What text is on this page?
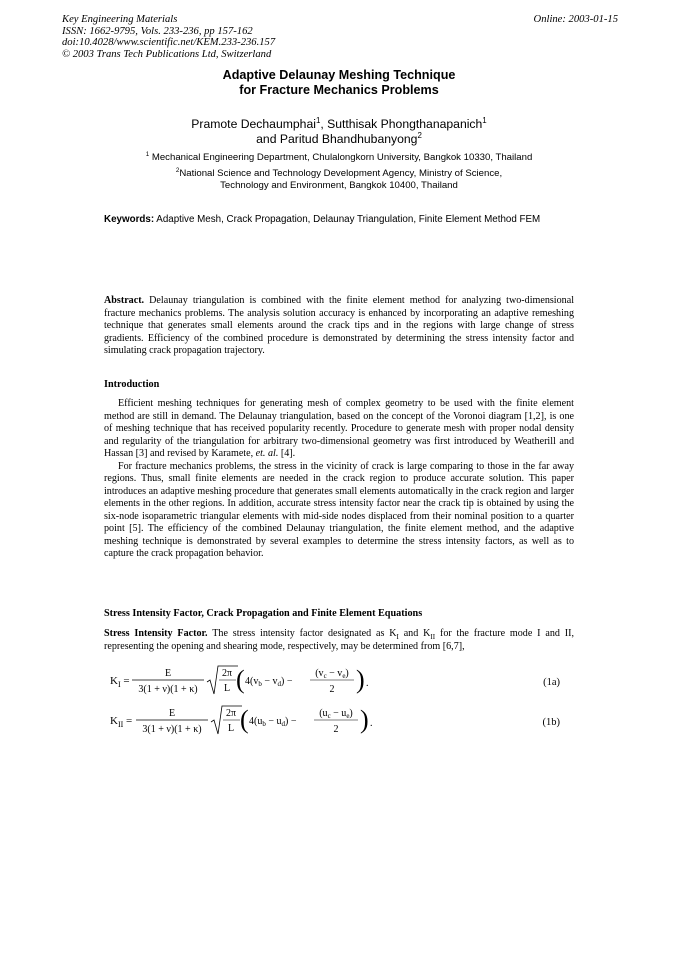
Key Engineering Materials
ISSN: 1662-9795, Vols. 233-236, pp 157-162
doi:10.4028/www.scientific.net/KEM.233-236.157
© 2003 Trans Tech Publications Ltd, Switzerland
Online: 2003-01-15
Adaptive Delaunay Meshing Technique
for Fracture Mechanics Problems
Pramote Dechaumphai$^1$, Sutthisak Phongthanapanich$^1$
and Paritud Bhandhubanyong$^2$
$^1$ Mechanical Engineering Department, Chulalongkorn University, Bangkok 10330, Thailand
$^2$National Science and Technology Development Agency, Ministry of Science,
Technology and Environment, Bangkok 10400, Thailand
Keywords: Adaptive Mesh, Crack Propagation, Delaunay Triangulation, Finite Element Method FEM
Abstract. Delaunay triangulation is combined with the finite element method for analyzing two-dimensional fracture mechanics problems. The analysis solution accuracy is enhanced by incorporating an adaptive remeshing technique that generates small elements around the crack tips and in the regions with large change of stress gradients. Efficiency of the combined procedure is demonstrated by determining the stress intensity factor and simulating crack propagation trajectory.
Introduction

Efficient meshing techniques for generating mesh of complex geometry to be used with the finite element method are still in demand. The Delaunay triangulation, based on the concept of the Voronoi diagram [1,2], is one of meshing technique that has received popularity recently. Procedure to generate mesh with proper nodal density and regularity of the triangulation for arbitrary two-dimensional geometry was first introduced by Weatherill and Hassan [3] and revised by Karamete, et. al. [4].

For fracture mechanics problems, the stress in the vicinity of crack is large comparing to those in the far away regions. Thus, small finite elements are needed in the crack region to produce accurate solution. This paper introduces an adaptive meshing procedure that generates small elements automatically in the crack region and larger elements in the other regions. In addition, accurate stress intensity factor near the crack tip is obtained by using the six-node isoparametric triangular elements with mid-side nodes displaced from their nominal position to a quarter point [5]. The efficiency of the combined Delaunay triangulation, the finite element method, and the adaptive meshing technique is demonstrated by several examples to determine the stress intensity factors, as well as to capture the crack propagation behavior.

Stress Intensity Factor, Crack Propagation and Finite Element Equations
Stress Intensity Factor. The stress intensity factor designated as $K_I$ and $K_{II}$ for the fracture mode I and II, representing the opening and shearing mode, respectively, may be determined from [6,7],
$K_I$ =
E
3(1 + ν)(1 + κ)
2π
L ( $4(v_b - v_d)$ −
$(v_c - v_e)$
2 ) .	(1a)
$K_{II}$ =
E
3(1 + ν)(1 + κ)
2π
L ( $4(u_b - u_d)$ −
$(u_c - u_e)$
2 ) .	(1b)
